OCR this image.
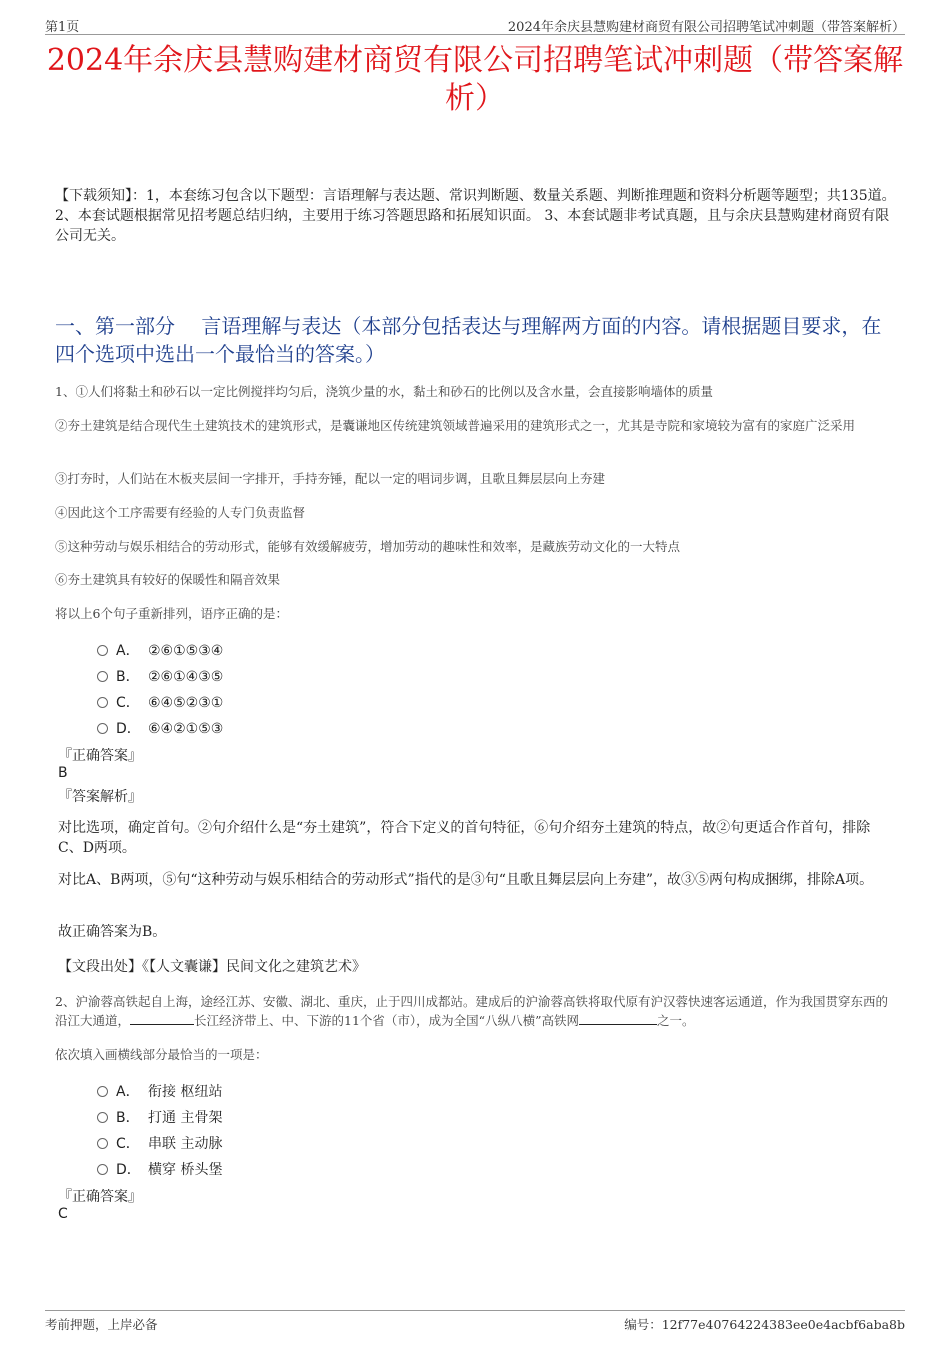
第1页	2024年余庆县慧购建材商贸有限公司招聘笔试冲刺题（带答案解析）
2024年余庆县慧购建材商贸有限公司招聘笔试冲刺题（带答案解析）
【下载须知】：1，本套练习包含以下题型：言语理解与表达题、常识判断题、数量关系题、判断推理题和资料分析题等题型；共135道。 2、本套试题根据常见招考题总结归纳，主要用于练习答题思路和拓展知识面。 3、本套试题非考试真题，且与余庆县慧购建材商贸有限公司无关。
一、第一部分　 言语理解与表达（本部分包括表达与理解两方面的内容。请根据题目要求，在四个选项中选出一个最恰当的答案。）
1、①人们将黏土和砂石以一定比例搅拌均匀后，浇筑少量的水，黏土和砂石的比例以及含水量，会直接影响墙体的质量
②夯土建筑是结合现代生土建筑技术的建筑形式，是囊谦地区传统建筑领域普遍采用的建筑形式之一，尤其是寺院和家境较为富有的家庭广泛采用
③打夯时，人们站在木板夹层间一字排开，手持夯锤，配以一定的唱词步调，且歌且舞层层向上夯建
④因此这个工序需要有经验的人专门负责监督
⑤这种劳动与娱乐相结合的劳动形式，能够有效缓解疲劳，增加劳动的趣味性和效率，是藏族劳动文化的一大特点
⑥夯土建筑具有较好的保暖性和隔音效果
将以上6个句子重新排列，语序正确的是：
A． ②⑥①⑤③④
B． ②⑥①④③⑤
C． ⑥④⑤②③①
D． ⑥④②①⑤③
『正确答案』
B
『答案解析』
对比选项，确定首句。②句介绍什么是“夯土建筑”，符合下定义的首句特征，⑥句介绍夯土建筑的特点，故②句更适合作首句，排除C、D两项。
对比A、B两项，⑤句“这种劳动与娱乐相结合的劳动形式”指代的是③句“且歌且舞层层向上夯建”，故③⑤两句构成捆绑，排除A项。
故正确答案为B。
【文段出处】《【人文囊谦】民间文化之建筑艺术》
2、沪渝蓉高铁起自上海，途经江苏、安徽、湖北、重庆，止于四川成都站。建成后的沪渝蓉高铁将取代原有沪汉蓉快速客运通道，作为我国贯穿东西的沿江大通道，	长江经济带上、中、下游的11个省（市），成为全国“八纵八横”高铁网	之一。
依次填入画横线部分最恰当的一项是：
A． 衔接 枢纽站
B． 打通 主骨架
C． 串联 主动脉
D． 横穿 桥头堡
『正确答案』
C
考前押题，上岸必备	编号：12f77e40764224383ee0e4acbf6aba8b
